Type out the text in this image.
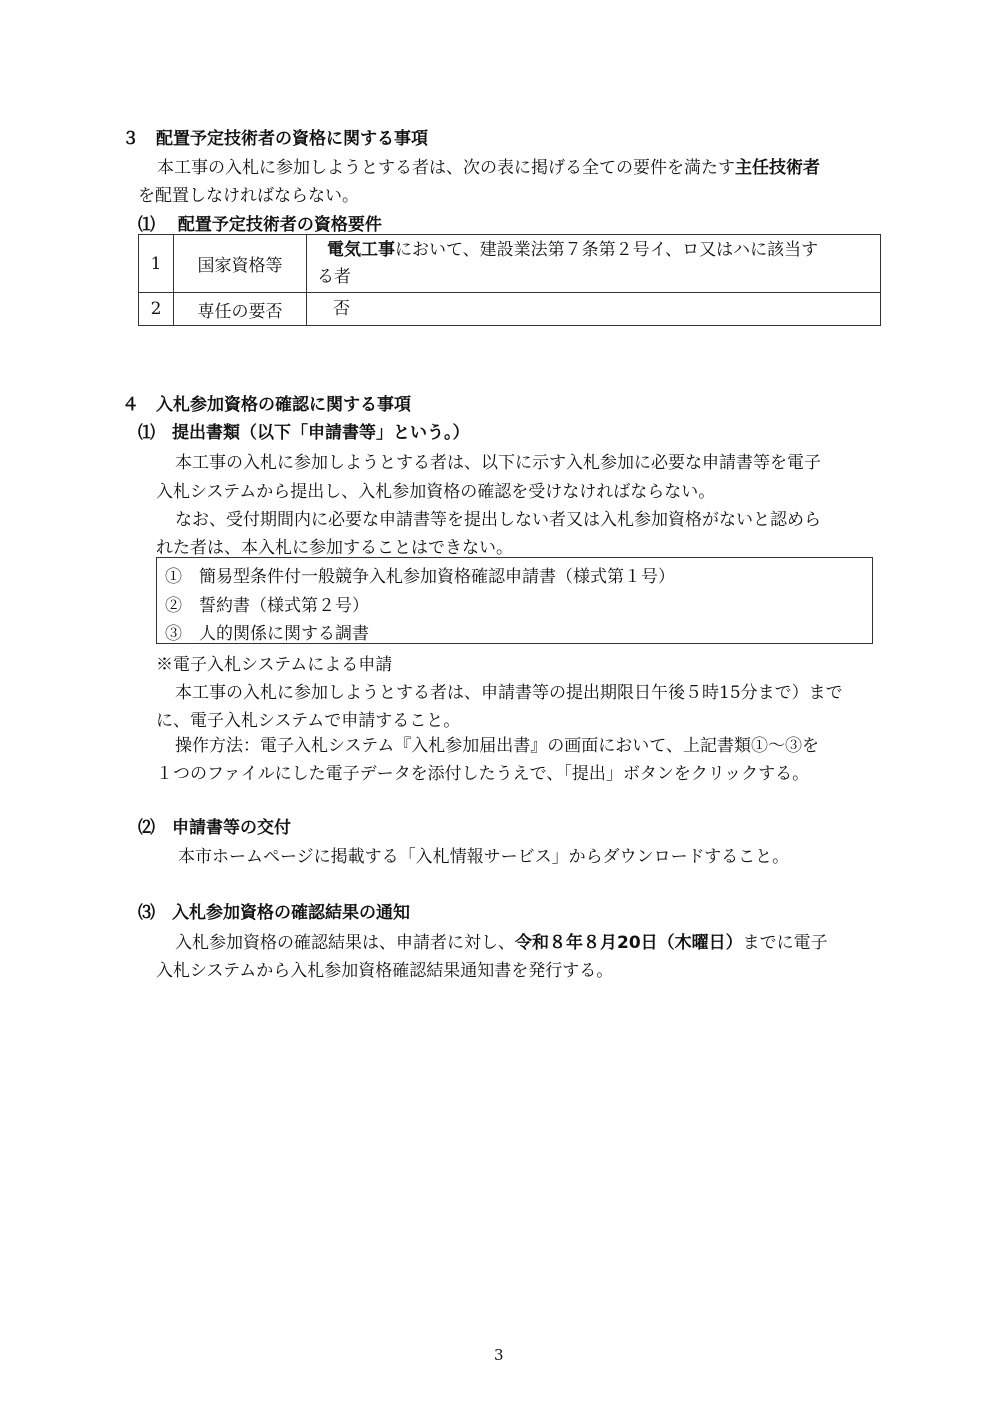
３　配置予定技術者の資格に関する事項
本工事の入札に参加しようとする者は、次の表に掲げる全ての要件を満たす主任技術者
を配置しなければならない。
⑴　 配置予定技術者の資格要件
1	国家資格等	電気工事において、建設業法第７条第２号イ、ロ又はハに該当す
る者

2	専任の要否	否
４　入札参加資格の確認に関する事項
⑴　提出書類（以下「申請書等」という。）
本工事の入札に参加しようとする者は、以下に示す入札参加に必要な申請書等を電子
入札システムから提出し、入札参加資格の確認を受けなければならない。
なお、受付期間内に必要な申請書等を提出しない者又は入札参加資格がないと認めら
れた者は、本入札に参加することはできない。
①　簡易型条件付一般競争入札参加資格確認申請書（様式第１号）
②　誓約書（様式第２号）
③　人的関係に関する調書
※電子入札システムによる申請
本工事の入札に参加しようとする者は、申請書等の提出期限日午後５時15分まで）まで
に、電子入札システムで申請すること。
操作方法：電子入札システム『入札参加届出書』の画面において、上記書類①～③を
１つのファイルにした電子データを添付したうえで、「提出」ボタンをクリックする。
⑵　申請書等の交付
本市ホームページに掲載する「入札情報サービス」からダウンロードすること。
⑶　入札参加資格の確認結果の通知
入札参加資格の確認結果は、申請者に対し、令和８年８月20日（木曜日）までに電子
入札システムから入札参加資格確認結果通知書を発行する。
3
